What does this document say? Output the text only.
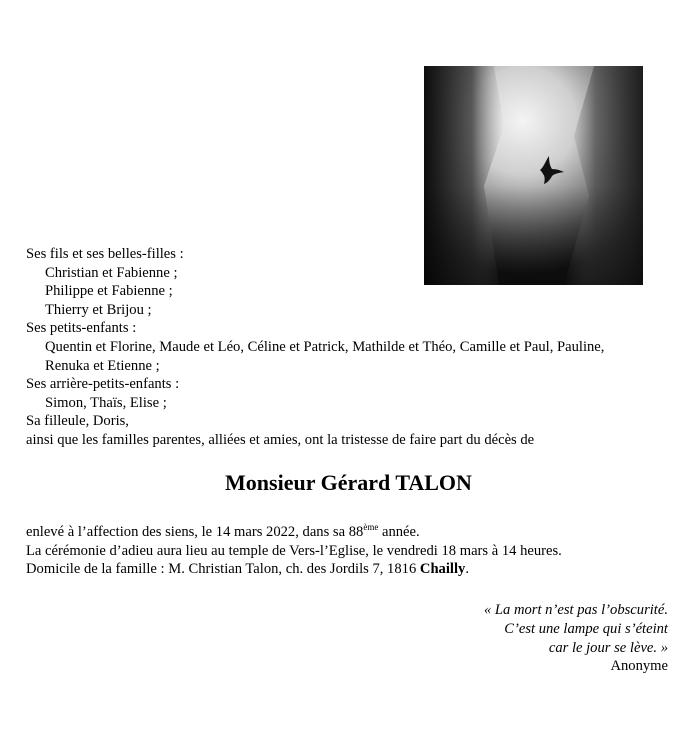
Ses fils et ses belles-filles :
Christian et Fabienne ;
Philippe et Fabienne ;
Thierry et Brijou ;
Ses petits-enfants :
Quentin et Florine, Maude et Léo, Céline et Patrick, Mathilde et Théo, Camille et Paul, Pauline,
Renuka et Etienne ;
Ses arrière-petits-enfants :
Simon, Thaïs, Elise ;
Sa filleule, Doris,
ainsi que les familles parentes, alliées et amies, ont la tristesse de faire part du décès de
Monsieur Gérard TALON
enlevé à l’affection des siens, le 14 mars 2022, dans sa 88ème année.
La cérémonie d’adieu aura lieu au temple de Vers-l’Eglise, le vendredi 18 mars à 14 heures.
Domicile de la famille : M. Christian Talon, ch. des Jordils 7, 1816 Chailly.
« La mort n’est pas l’obscurité.
C’est une lampe qui s’éteint
car le jour se lève. »
Anonyme
